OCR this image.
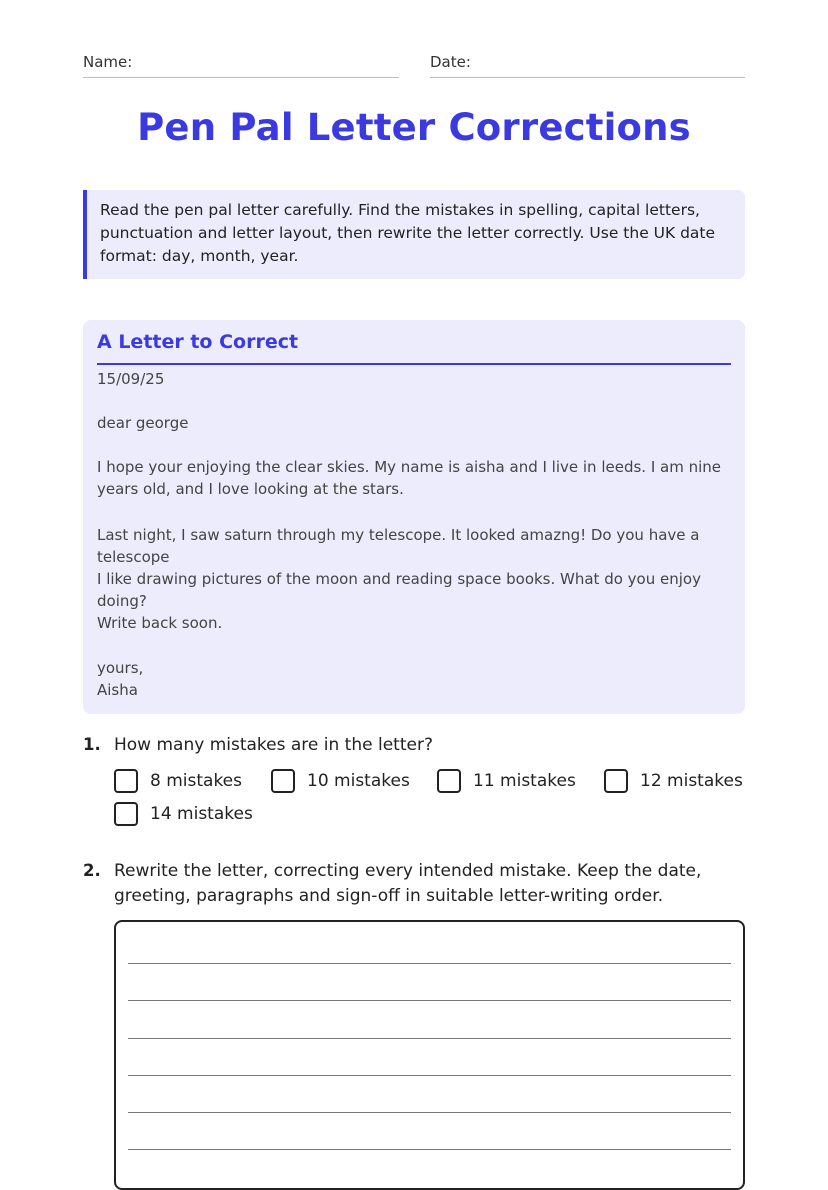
Name:	Date:
Pen Pal Letter Corrections
Read the pen pal letter carefully. Find the mistakes in spelling, capital letters, punctuation and letter layout, then rewrite the letter correctly. Use the UK date format: day, month, year.
A Letter to Correct
15/09/25
dear george
I hope your enjoying the clear skies. My name is aisha and I live in leeds. I am nine years old, and I love looking at the stars.
Last night, I saw saturn through my telescope. It looked amazng! Do you have a telescope
I like drawing pictures of the moon and reading space books. What do you enjoy doing?
Write back soon.
yours,
Aisha
1. How many mistakes are in the letter?
8 mistakes	10 mistakes	11 mistakes	12 mistakes
14 mistakes
2. Rewrite the letter, correcting every intended mistake. Keep the date, greeting, paragraphs and sign-off in suitable letter-writing order.
